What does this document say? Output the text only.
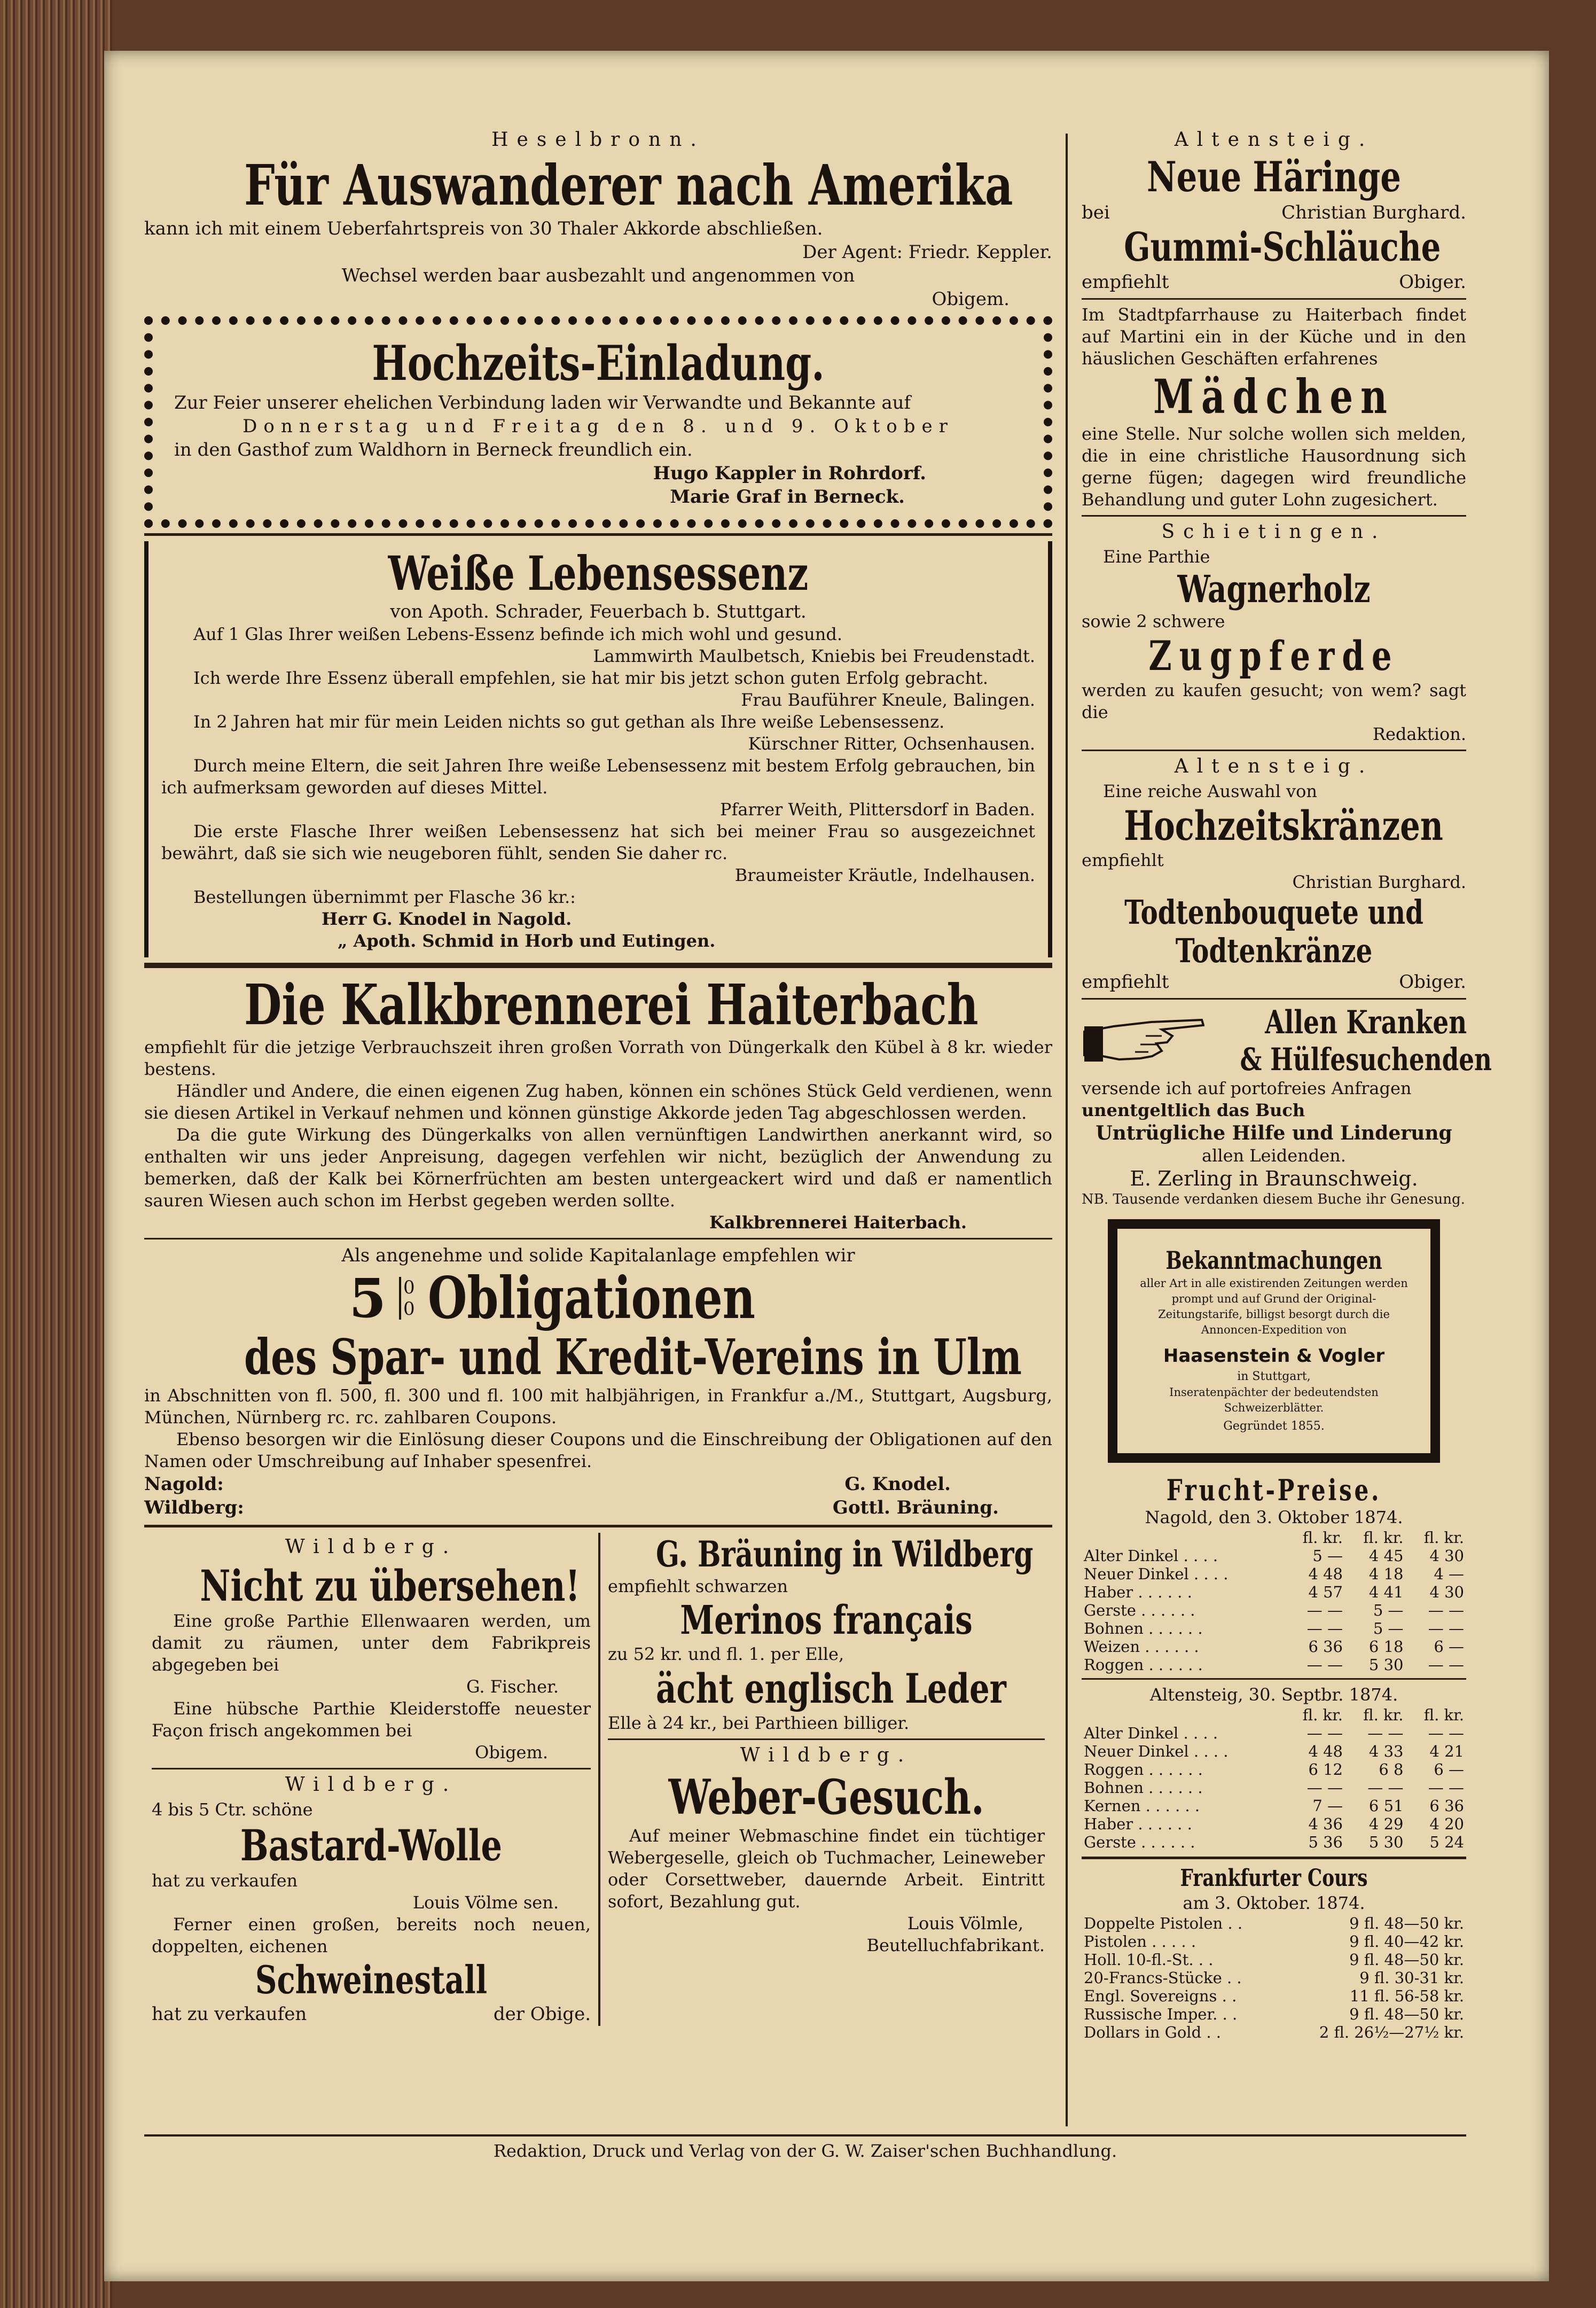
Heselbronn.
Für Auswanderer nach Amerika

kann ich mit einem Ueberfahrtspreis von 30 Thaler Akkorde abschließen.

Der Agent: Friedr. Keppler.

Wechsel werden baar ausbezahlt und angenommen von

Obigem.

Hochzeits-Einladung.

Zur Feier unserer ehelichen Verbindung laden wir Verwandte und Bekannte auf

Donnerstag und Freitag den 8. und 9. Oktober

in den Gasthof zum Waldhorn in Berneck freundlich ein.

Hugo Kappler in Rohrdorf.

Marie Graf in Berneck.

Weiße Lebensessenz

von Apoth. Schrader, Feuerbach b. Stuttgart.

Auf 1 Glas Ihrer weißen Lebens-Essenz befinde ich mich wohl und gesund.

Lammwirth Maulbetsch, Kniebis bei Freudenstadt.

Ich werde Ihre Essenz überall empfehlen, sie hat mir bis jetzt schon guten Erfolg gebracht.

Frau Bauführer Kneule, Balingen.

In 2 Jahren hat mir für mein Leiden nichts so gut gethan als Ihre weiße Lebensessenz.

Kürschner Ritter, Ochsenhausen.

Durch meine Eltern, die seit Jahren Ihre weiße Lebensessenz mit bestem Erfolg gebrauchen, bin ich aufmerksam geworden auf dieses Mittel.

Pfarrer Weith, Plittersdorf in Baden.

Die erste Flasche Ihrer weißen Lebensessenz hat sich bei meiner Frau so ausgezeichnet bewährt, daß sie sich wie neugeboren fühlt, senden Sie daher rc.

Braumeister Kräutle, Indelhausen.

Bestellungen übernimmt per Flasche 36 kr.:

Herr G. Knodel in Nagold.

„ Apoth. Schmid in Horb und Eutingen.

Die Kalkbrennerei Haiterbach

empfiehlt für die jetzige Verbrauchszeit ihren großen Vorrath von Düngerkalk den Kübel à 8 kr. wieder bestens.

Händler und Andere, die einen eigenen Zug haben, können ein schönes Stück Geld verdienen, wenn sie diesen Artikel in Verkauf nehmen und können günstige Akkorde jeden Tag abgeschlossen werden.

Da die gute Wirkung des Düngerkalks von allen vernünftigen Landwirthen anerkannt wird, so enthalten wir uns jeder Anpreisung, dagegen verfehlen wir nicht, bezüglich der Anwendung zu bemerken, daß der Kalk bei Körnerfrüchten am besten untergeackert wird und daß er namentlich sauren Wiesen auch schon im Herbst gegeben werden sollte.

Kalkbrennerei Haiterbach.

Als angenehme und solide Kapitalanlage empfehlen wir

5 0
0 Obligationen
des Spar- und Kredit-Vereins in Ulm

in Abschnitten von fl. 500, fl. 300 und fl. 100 mit halbjährigen, in Frankfur a./M., Stuttgart, Augsburg, München, Nürnberg rc. rc. zahlbaren Coupons.

Ebenso besorgen wir die Einlösung dieser Coupons und die Einschreibung der Obligationen auf den Namen oder Umschreibung auf Inhaber spesenfrei.

Nagold:	G. Knodel.
Wildberg:	Gottl. Bräuning.
Wildberg.
Nicht zu übersehen!

Eine große Parthie Ellenwaaren werden, um damit zu räumen, unter dem Fabrikpreis abgegeben bei

G. Fischer.

Eine hübsche Parthie Kleiderstoffe neuester Façon frisch angekommen bei

Obigem.

Wildberg.

4 bis 5 Ctr. schöne

Bastard-Wolle

hat zu verkaufen

Louis Völme sen.

Ferner einen großen, bereits noch neuen, doppelten, eichenen

Schweinestall
hat zu verkaufen	der Obige.
G. Bräuning in Wildberg

empfiehlt schwarzen

Merinos français

zu 52 kr. und fl. 1. per Elle,

ächt englisch Leder

Elle à 24 kr., bei Parthieen billiger.

Wildberg.
Weber-Gesuch.

Auf meiner Webmaschine findet ein tüchtiger Webergeselle, gleich ob Tuchmacher, Leineweber oder Corsettweber, dauernde Arbeit. Eintritt sofort, Bezahlung gut.

Louis Völmle,

Beutelluchfabrikant.

Altensteig.
Neue Häringe
bei	Christian Burghard.
Gummi-Schläuche
empfiehlt	Obiger.

Im Stadtpfarrhause zu Haiterbach findet auf Martini ein in der Küche und in den häuslichen Geschäften erfahrenes

Mädchen

eine Stelle. Nur solche wollen sich melden, die in eine christliche Hausordnung sich gerne fügen; dagegen wird freundliche Behandlung und guter Lohn zugesichert.

Schietingen.

Eine Parthie

Wagnerholz

sowie 2 schwere

Zugpferde

werden zu kaufen gesucht; von wem? sagt die

Redaktion.

Altensteig.

Eine reiche Auswahl von

Hochzeitskränzen

empfiehlt

Christian Burghard.

Todtenbouquete und
Todtenkränze
empfiehlt	Obiger.
Allen Kranken
& Hülfesuchenden

versende ich auf portofreies Anfragen

unentgeltlich das Buch

Untrügliche Hilfe und Linderung

allen Leidenden.

E. Zerling in Braunschweig.

NB. Tausende verdanken diesem Buche ihr Genesung.

Bekanntmachungen

aller Art in alle existirenden Zeitungen werden prompt und auf Grund der Original-Zeitungstarife, billigst besorgt durch die Annoncen-Expedition von

Haasenstein & Vogler

in Stuttgart,

Inseratenpächter der bedeutendsten Schweizerblätter.

Gegründet 1855.

Frucht-Preise.

Nagold, den 3. Oktober 1874.

	fl. kr.	fl. kr.	fl. kr.
Alter Dinkel . . . .	5 —	4 45	4 30
Neuer Dinkel . . . .	4 48	4 18	4 —
Haber . . . . . .	4 57	4 41	4 30
Gerste . . . . . .	— —	5 —	— —
Bohnen . . . . . .	— —	5 —	— —
Weizen . . . . . .	6 36	6 18	6 —
Roggen . . . . . .	— —	5 30	— —

Altensteig, 30. Septbr. 1874.

	fl. kr.	fl. kr.	fl. kr.
Alter Dinkel . . . .	— —	— —	— —
Neuer Dinkel . . . .	4 48	4 33	4 21
Roggen . . . . . .	6 12	6 8	6 —
Bohnen . . . . . .	— —	— —	— —
Kernen . . . . . .	7 —	6 51	6 36
Haber . . . . . .	4 36	4 29	4 20
Gerste . . . . . .	5 36	5 30	5 24
Frankfurter Cours

am 3. Oktober. 1874.

Doppelte Pistolen . .	9 fl. 48—50 kr.
Pistolen . . . . .	9 fl. 40—42 kr.
Holl. 10-fl.-St. . .	9 fl. 48—50 kr.
20-Francs-Stücke . .	9 fl. 30-31 kr.
Engl. Sovereigns . .	11 fl. 56-58 kr.
Russische Imper. . .	9 fl. 48—50 kr.
Dollars in Gold . .	2 fl. 26½—27½ kr.
Redaktion, Druck und Verlag von der G. W. Zaiser'schen Buchhandlung.
